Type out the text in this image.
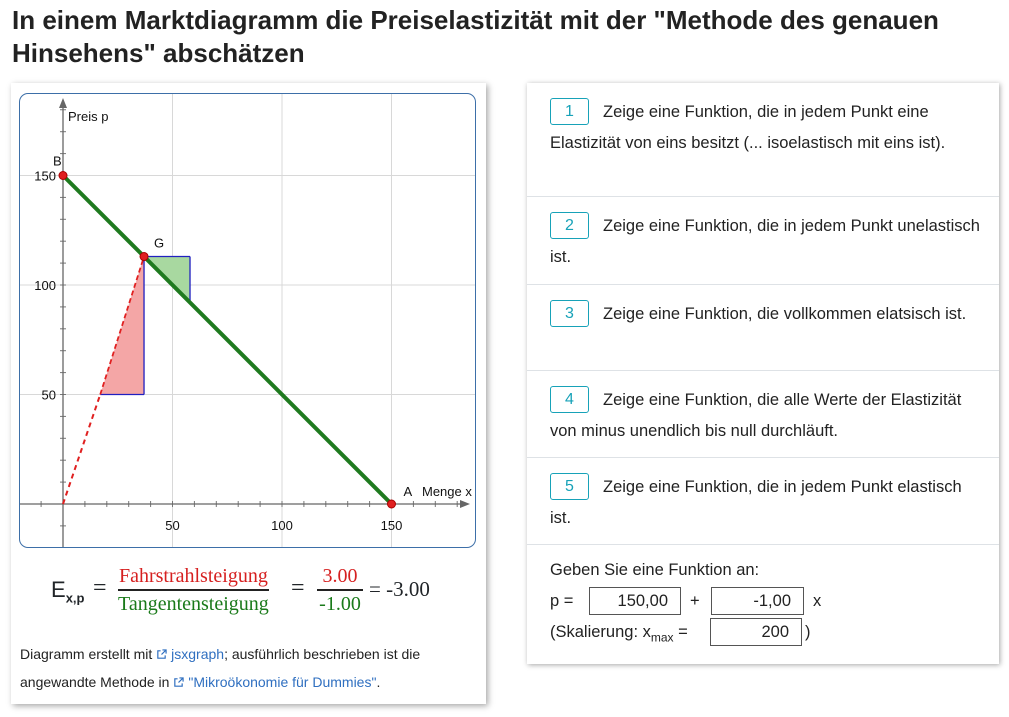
In einem Marktdiagramm die Preiselastizität mit der "Methode des genauen Hinsehens" abschätzen
150
100
50
50	100	150
Preis p
Menge x
B
G
A
$E_{x,p}$ = Fahrstrahlsteigung
Tangentensteigung
= $\frac{3.00}{-1.00} = -3.00$
Diagramm erstellt mit jsxgraph; ausführlich beschrieben ist die angewandte Methode in "Mikroökonomie für Dummies".
1 Zeige eine Funktion, die in jedem Punkt eine Elastizität von eins besitzt (... isoelastisch mit eins ist).
2 Zeige eine Funktion, die in jedem Punkt unelastisch ist.
3 Zeige eine Funktion, die vollkommen elatsisch ist.
4 Zeige eine Funktion, die alle Werte der Elastizität von minus unendlich bis null durchläuft.
5 Zeige eine Funktion, die in jedem Punkt elastisch ist.
Geben Sie eine Funktion an:
p =
150,00	+
-1,00	x
(Skalierung: $x_{max}$ =
200	)
